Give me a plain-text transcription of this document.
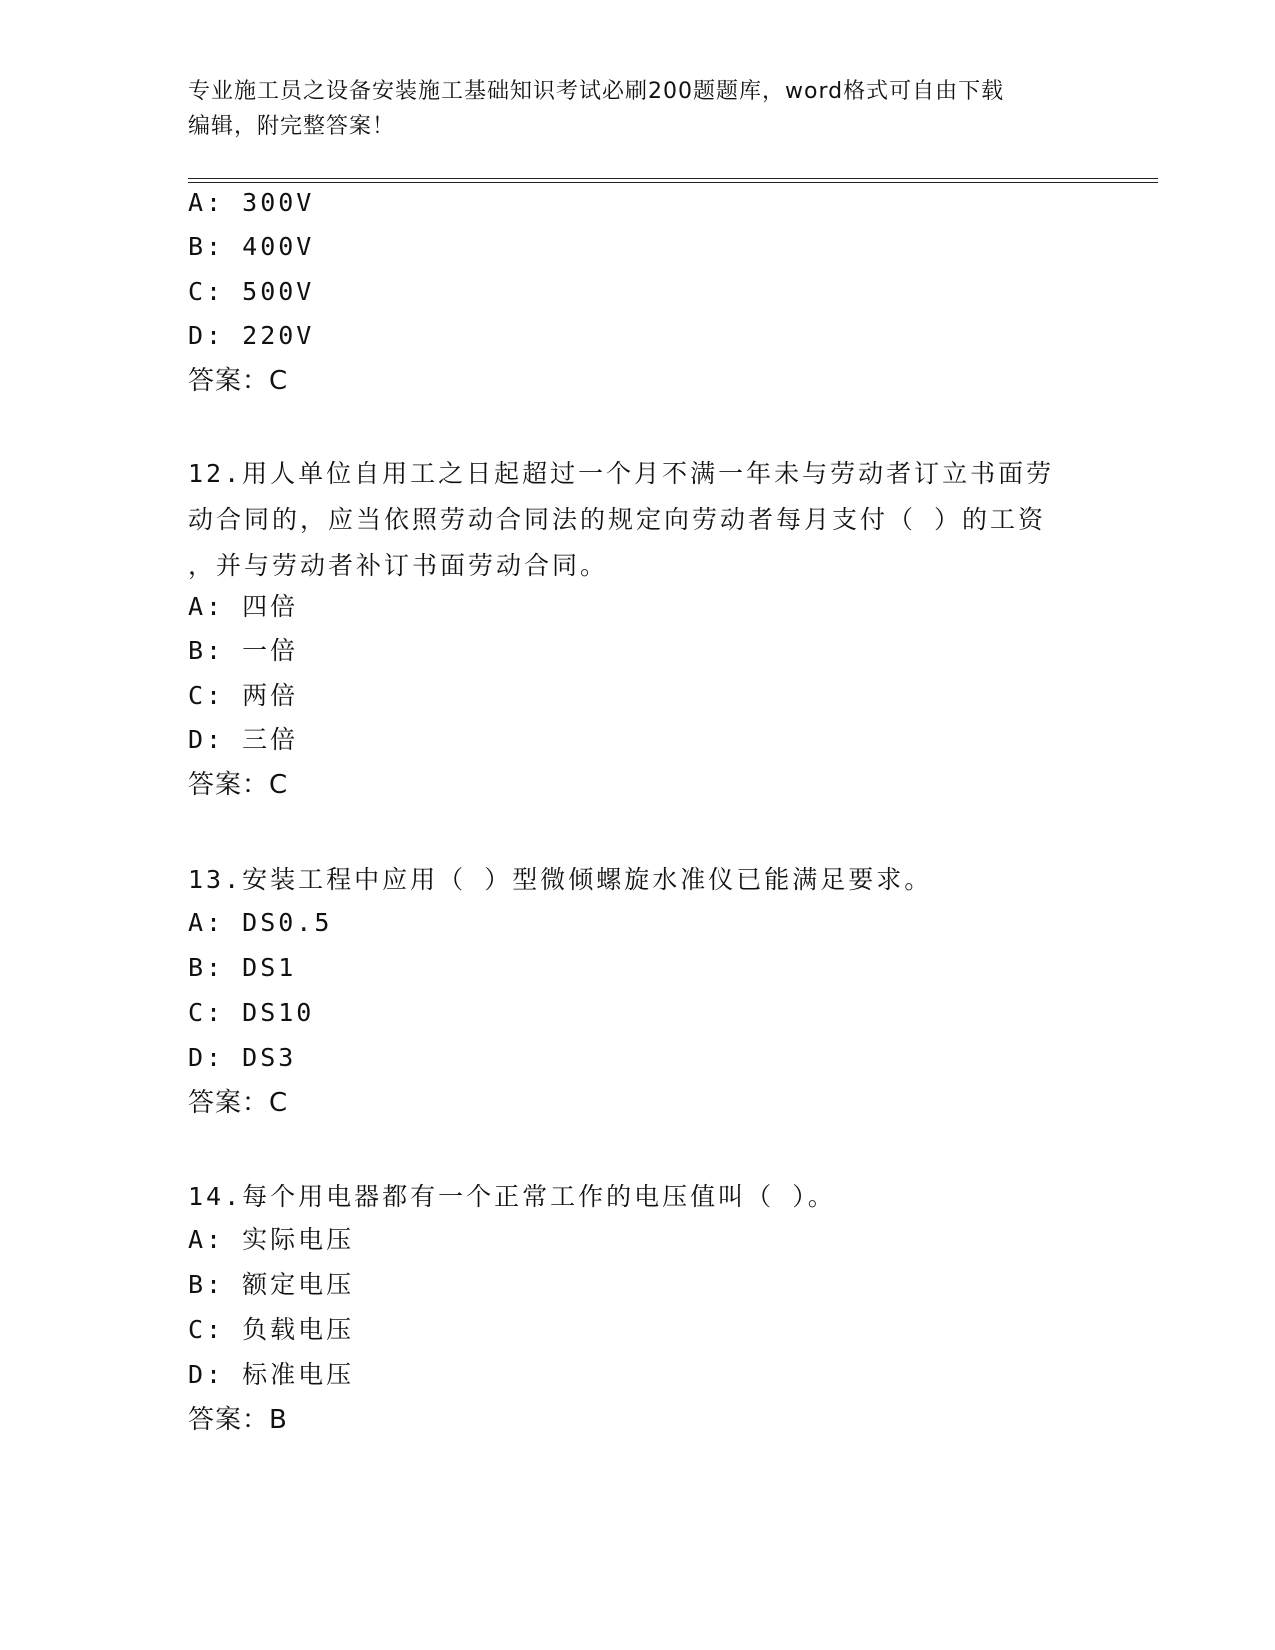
专业施工员之设备安装施工基础知识考试必刷200题题库，word格式可自由下载
编辑，附完整答案！
A: 300V
B: 400V
C: 500V
D: 220V
答案：C
12.用人单位自用工之日起超过一个月不满一年未与劳动者订立书面劳
动合同的，应当依照劳动合同法的规定向劳动者每月支付（ ）的工资
，并与劳动者补订书面劳动合同。
A: 四倍
B: 一倍
C: 两倍
D: 三倍
答案：C
13.安装工程中应用（ ）型微倾螺旋水准仪已能满足要求。
A: DS0.5
B: DS1
C: DS10
D: DS3
答案：C
14.每个用电器都有一个正常工作的电压值叫（ ）。
A: 实际电压
B: 额定电压
C: 负载电压
D: 标准电压
答案：B
